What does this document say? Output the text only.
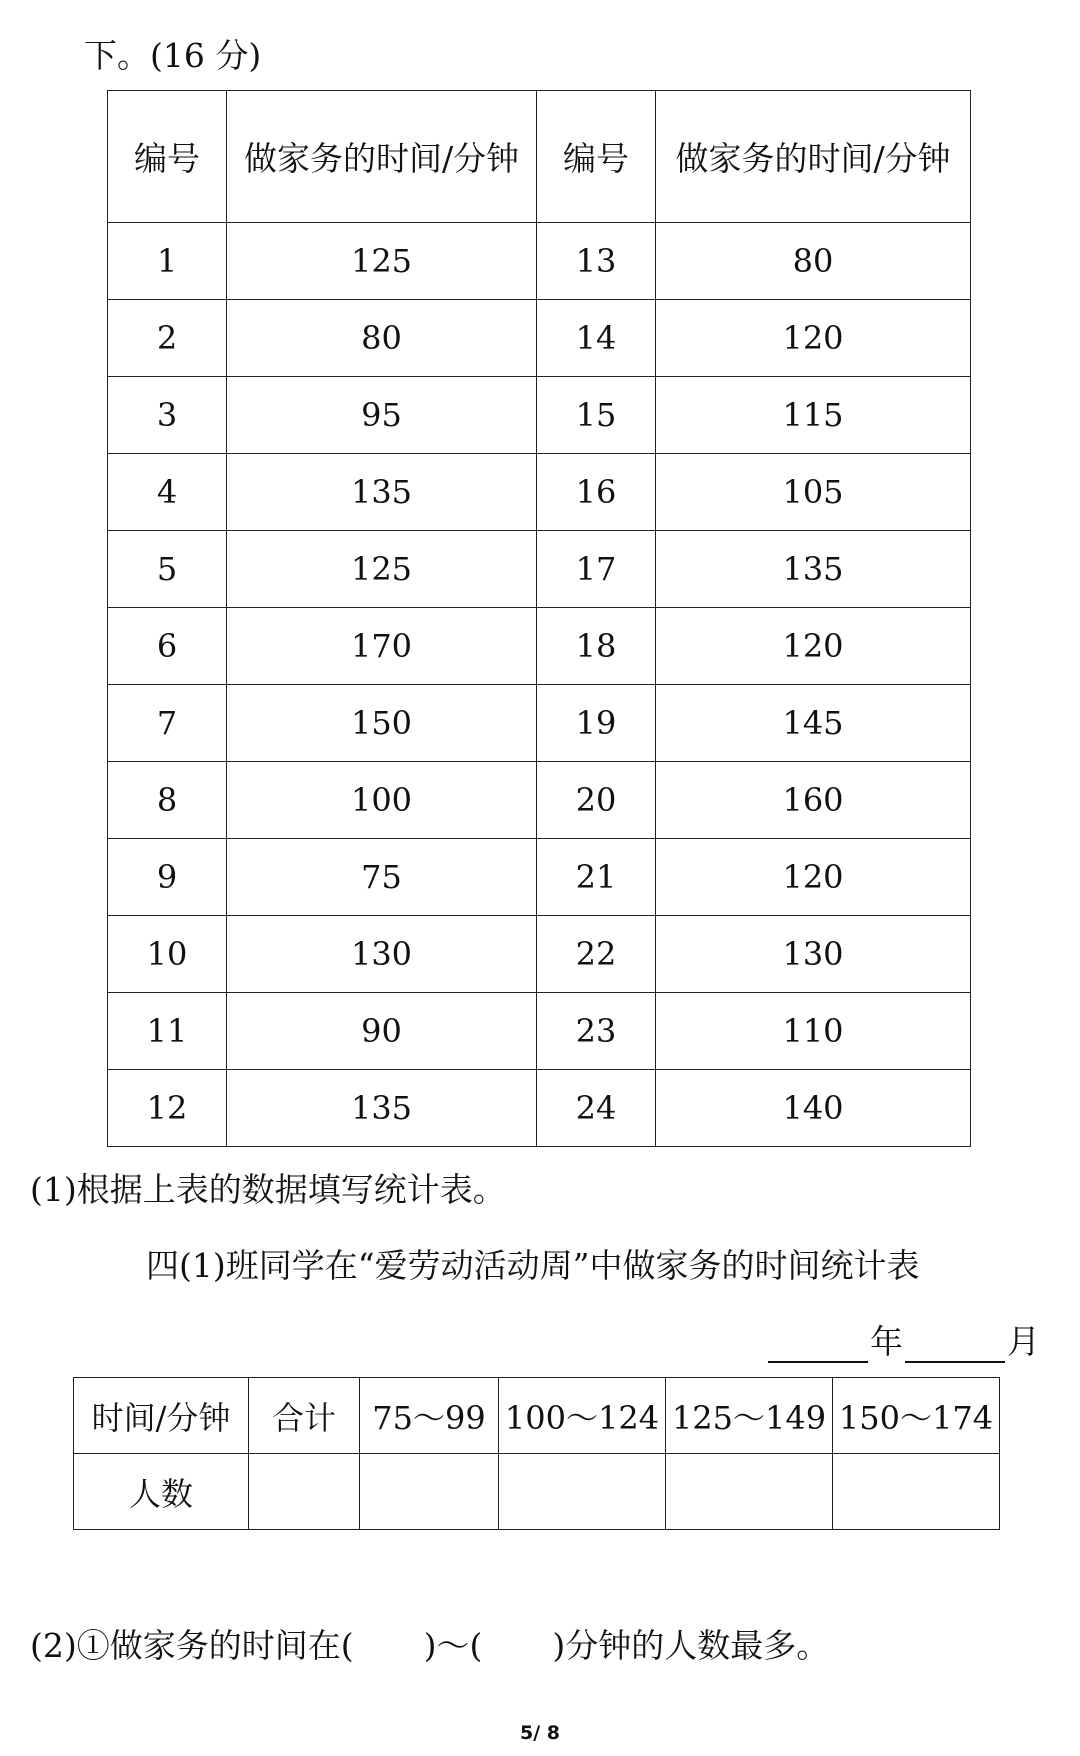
下。(16 分)
编号	做家务的时间/分钟	编号	做家务的时间/分钟
1	125	13	80
2	80	14	120
3	95	15	115
4	135	16	105
5	125	17	135
6	170	18	120
7	150	19	145
8	100	20	160
9	75	21	120
10	130	22	130
11	90	23	110
12	135	24	140
(1)根据上表的数据填写统计表。
四(1)班同学在“爱劳动活动周”中做家务的时间统计表
年	月
时间/分钟	合计	75～99	100～124	125～149	150～174
人数					
(2)①做家务的时间在( )～( )分钟的人数最多。
5/ 8
